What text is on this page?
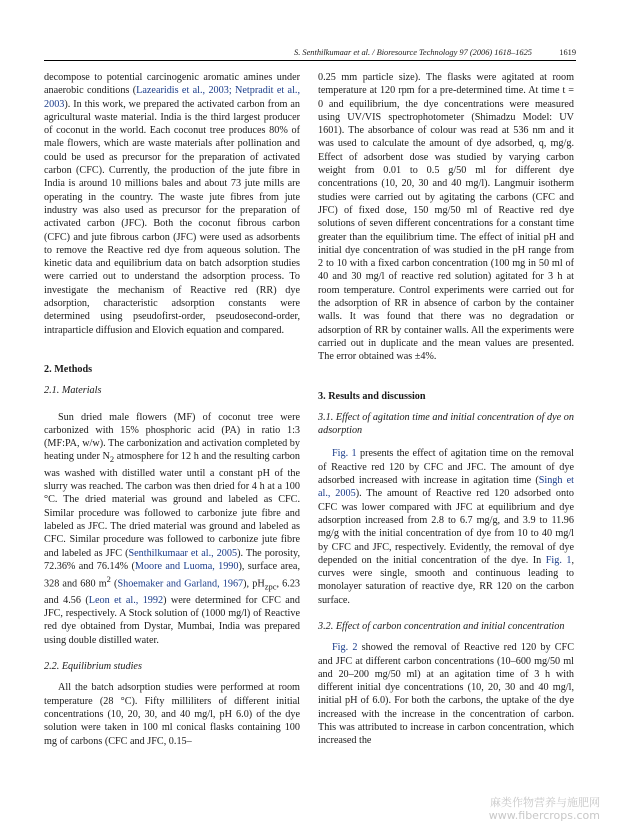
S. Senthilkumaar et al. / Bioresource Technology 97 (2006) 1618–1625	1619

decompose to potential carcinogenic aromatic amines under anaerobic conditions (Lazearidis et al., 2003; Netpradit et al., 2003). In this work, we prepared the activated carbon from an agricultural waste material. India is the third largest producer of coconut in the world. Each coconut tree produces 80% of male flowers, which are waste materials after pollination and could be used as precursor for the preparation of activated carbon (CFC). Currently, the production of the jute fibre in India is around 10 millions bales and about 73 jute mills are operating in the country. The waste jute fibres from jute industry was also used as precursor for the preparation of activated carbon (JFC). Both the coconut fibrous carbon (CFC) and jute fibrous carbon (JFC) were used as adsorbents to remove the Reactive red dye from aqueous solution. The kinetic data and equilibrium data on batch adsorption studies were carried out to understand the adsorption process. To investigate the mechanism of Reactive red (RR) dye adsorption, characteristic adsorption constants were determined using pseudofirst-order, pseudosecond-order, intraparticle diffusion and Elovich equation and compared.

2. Methods

2.1. Materials

Sun dried male flowers (MF) of coconut tree were carbonized with 15% phosphoric acid (PA) in ratio 1:3 (MF:PA, w/w). The carbonization and activation completed by heating under $N_2$ atmosphere for 12 h and the resulting carbon was washed with distilled water until a constant pH of the slurry was reached. The carbon was then dried for 4 h at a 100 °C. The dried material was ground and labeled as CFC. Similar procedure was followed to carbonize jute fibre and labeled as JFC. The dried material was ground and labeled as CFC. Similar procedure was followed to carbonize jute fibre and labeled as JFC (Senthilkumaar et al., 2005). The porosity, 72.36% and 76.14% (Moore and Luoma, 1990), surface area, 328 and 680 $m^2$ (Shoemaker and Garland, 1967), $pH_{zpc}$, 6.23 and 4.56 (Leon et al., 1992) were determined for CFC and JFC, respectively. A Stock solution of (1000 mg/l) of Reactive red dye obtained from Dystar, Mumbai, India was prepared using double distilled water.

2.2. Equilibrium studies

All the batch adsorption studies were performed at room temperature (28 °C). Fifty milliliters of different initial concentrations (10, 20, 30, and 40 mg/l, pH 6.0) of the dye solution were taken in 100 ml conical flasks containing 100 mg of carbons (CFC and JFC, 0.15–

0.25 mm particle size). The flasks were agitated at room temperature at 120 rpm for a pre-determined time. At time t = 0 and equilibrium, the dye concentrations were measured using UV/VIS spectrophotometer (Shimadzu Model: UV 1601). The absorbance of colour was read at 536 nm and it was used to calculate the amount of dye adsorbed, q, mg/g. Effect of adsorbent dose was studied by varying carbon weight from 0.01 to 0.5 g/50 ml for different dye concentrations (10, 20, 30 and 40 mg/l). Langmuir isotherm studies were carried out by agitating the carbons (CFC and JFC) of fixed dose, 150 mg/50 ml of Reactive red dye solutions of seven different concentrations for a constant time greater than the equilibrium time. The effect of initial pH and initial dye concentration of was studied in the pH range from 2 to 10 with a fixed carbon concentration (100 mg in 50 ml of 40 and 30 mg/l of reactive red solution) agitated for 3 h at room temperature. Control experiments were carried out for the adsorption of RR in absence of carbon by the container walls. It was found that there was no degradation or adsorption of RR by container walls. All the experiments were carried out in duplicate and the mean values are presented. The error obtained was ±4%.

3. Results and discussion

3.1. Effect of agitation time and initial concentration of dye on adsorption

Fig. 1 presents the effect of agitation time on the removal of Reactive red 120 by CFC and JFC. The amount of dye adsorbed increased with increase in agitation time (Singh et al., 2005). The amount of Reactive red 120 adsorbed onto CFC was lower compared with JFC at equilibrium and dye adsorption increased from 2.8 to 6.7 mg/g, and 3.9 to 11.96 mg/g with the initial concentration of dye from 10 to 40 mg/l by CFC and JFC, respectively. Evidently, the removal of dye depended on the initial concentration of the dye. In Fig. 1, curves were single, smooth and continuous leading to monolayer saturation of reactive dye, RR 120 on the carbon surface.

3.2. Effect of carbon concentration and initial concentration

Fig. 2 showed the removal of Reactive red 120 by CFC and JFC at different carbon concentrations (10–600 mg/50 ml and 20–200 mg/50 ml) at an agitation time of 3 h with different initial dye concentrations (10, 20, 30 and 40 mg/l, initial pH of 6.0). For both the carbons, the uptake of the dye increased with the increase in the concentration of carbon. This was attributed to increase in carbon concentration, which increased the

麻类作物营养与施肥网
www.fibercrops.com
